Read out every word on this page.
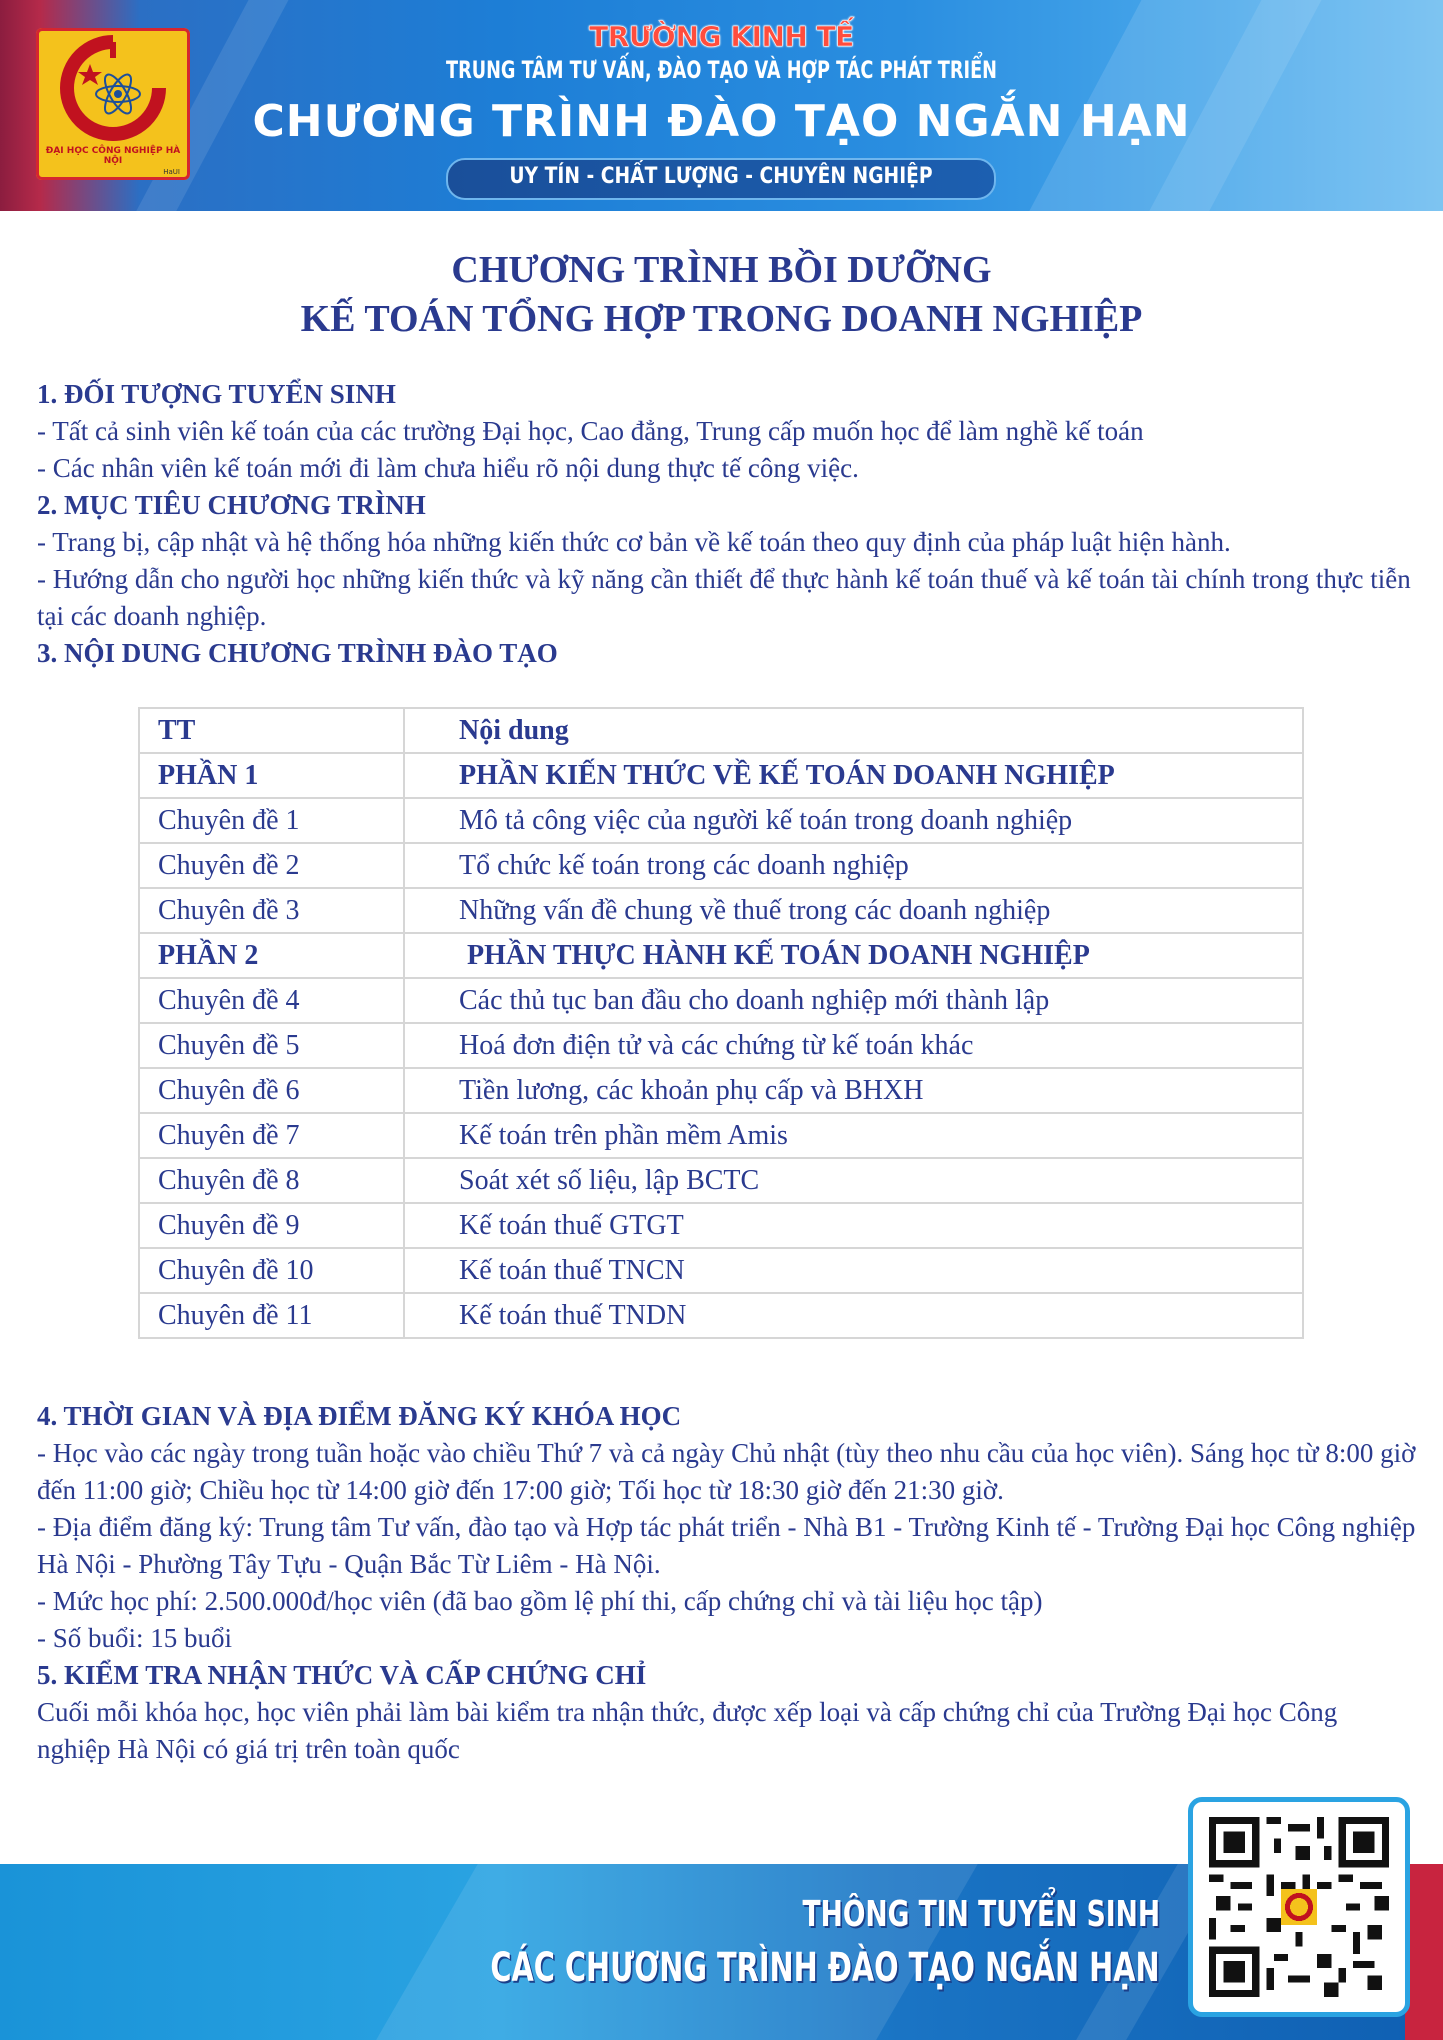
ĐẠI HỌC CÔNG NGHIỆP HÀ NỘI
HaUI
TRƯỜNG KINH TẾ
TRUNG TÂM TƯ VẤN, ĐÀO TẠO VÀ HỢP TÁC PHÁT TRIỂN
CHƯƠNG TRÌNH ĐÀO TẠO NGẮN HẠN
UY TÍN - CHẤT LƯỢNG - CHUYÊN NGHIỆP
CHƯƠNG TRÌNH BỒI DƯỠNG
KẾ TOÁN TỔNG HỢP TRONG DOANH NGHIỆP
1. ĐỐI TƯỢNG TUYỂN SINH

- Tất cả sinh viên kế toán của các trường Đại học, Cao đẳng, Trung cấp muốn học để làm nghề kế toán

- Các nhân viên kế toán mới đi làm chưa hiểu rõ nội dung thực tế công việc.

2. MỤC TIÊU CHƯƠNG TRÌNH

- Trang bị, cập nhật và hệ thống hóa những kiến thức cơ bản về kế toán theo quy định của pháp luật hiện hành.

- Hướng dẫn cho người học những kiến thức và kỹ năng cần thiết để thực hành kế toán thuế và kế toán tài chính trong thực tiễn tại các doanh nghiệp.

3. NỘI DUNG CHƯƠNG TRÌNH ĐÀO TẠO
TT	Nội dung
PHẦN 1	PHẦN KIẾN THỨC VỀ KẾ TOÁN DOANH NGHIỆP
Chuyên đề 1	Mô tả công việc của người kế toán trong doanh nghiệp
Chuyên đề 2	Tổ chức kế toán trong các doanh nghiệp
Chuyên đề 3	Những vấn đề chung về thuế trong các doanh nghiệp
PHẦN 2	PHẦN THỰC HÀNH KẾ TOÁN DOANH NGHIỆP
Chuyên đề 4	Các thủ tục ban đầu cho doanh nghiệp mới thành lập
Chuyên đề 5	Hoá đơn điện tử và các chứng từ kế toán khác
Chuyên đề 6	Tiền lương, các khoản phụ cấp và BHXH
Chuyên đề 7	Kế toán trên phần mềm Amis
Chuyên đề 8	Soát xét số liệu, lập BCTC
Chuyên đề 9	Kế toán thuế GTGT
Chuyên đề 10	Kế toán thuế TNCN
Chuyên đề 11	Kế toán thuế TNDN
4. THỜI GIAN VÀ ĐỊA ĐIỂM ĐĂNG KÝ KHÓA HỌC

- Học vào các ngày trong tuần hoặc vào chiều Thứ 7 và cả ngày Chủ nhật (tùy theo nhu cầu của học viên). Sáng học từ 8:00 giờ đến 11:00 giờ; Chiều học từ 14:00 giờ đến 17:00 giờ; Tối học từ 18:30 giờ đến 21:30 giờ.

- Địa điểm đăng ký: Trung tâm Tư vấn, đào tạo và Hợp tác phát triển - Nhà B1 - Trường Kinh tế - Trường Đại học Công nghiệp Hà Nội - Phường Tây Tựu - Quận Bắc Từ Liêm - Hà Nội.

- Mức học phí: 2.500.000đ/học viên (đã bao gồm lệ phí thi, cấp chứng chỉ và tài liệu học tập)

- Số buổi: 15 buổi

5. KIỂM TRA NHẬN THỨC VÀ CẤP CHỨNG CHỈ

Cuối mỗi khóa học, học viên phải làm bài kiểm tra nhận thức, được xếp loại và cấp chứng chỉ của Trường Đại học Công nghiệp Hà Nội có giá trị trên toàn quốc

THÔNG TIN TUYỂN SINH
CÁC CHƯƠNG TRÌNH ĐÀO TẠO NGẮN HẠN
